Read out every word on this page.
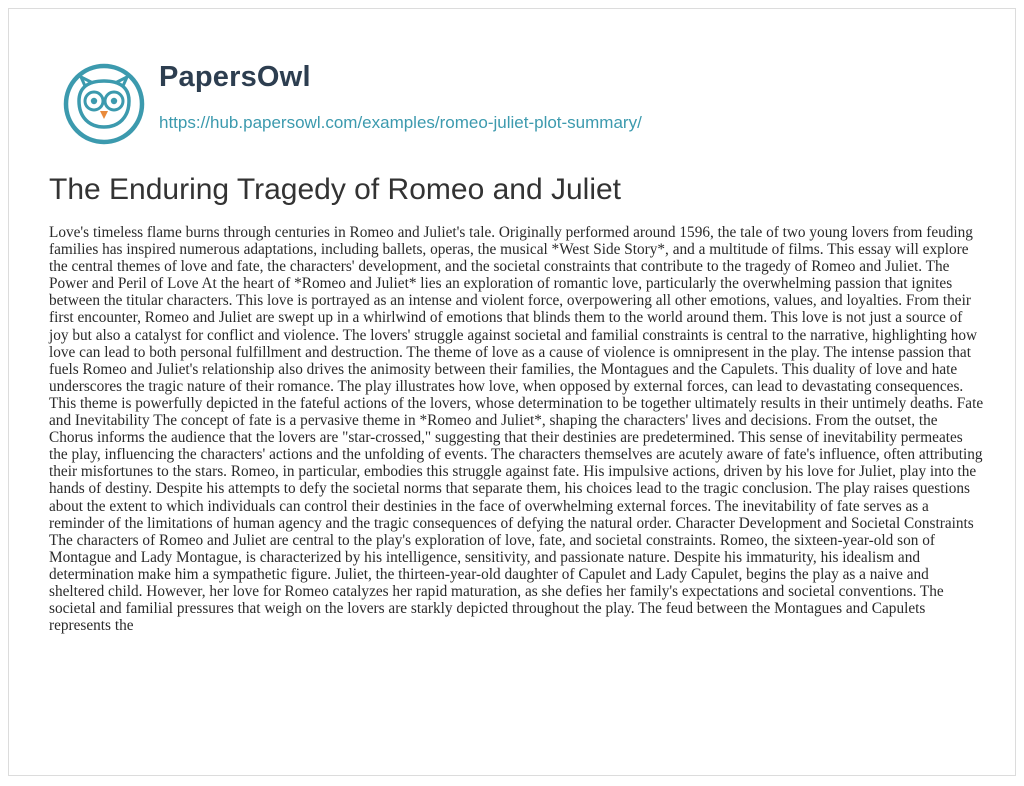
PapersOwl
https://hub.papersowl.com/examples/romeo-juliet-plot-summary/
The Enduring Tragedy of Romeo and Juliet

Love's timeless flame burns through centuries in Romeo and Juliet's tale. Originally performed around 1596, the tale of two young lovers from feuding families has inspired numerous adaptations, including ballets, operas, the musical *West Side Story*, and a multitude of films. This essay will explore the central themes of love and fate, the characters' development, and the societal constraints that contribute to the tragedy of Romeo and Juliet. The Power and Peril of Love At the heart of *Romeo and Juliet* lies an exploration of romantic love, particularly the overwhelming passion that ignites between the titular characters. This love is portrayed as an intense and violent force, overpowering all other emotions, values, and loyalties. From their first encounter, Romeo and Juliet are swept up in a whirlwind of emotions that blinds them to the world around them. This love is not just a source of joy but also a catalyst for conflict and violence. The lovers' struggle against societal and familial constraints is central to the narrative, highlighting how love can lead to both personal fulfillment and destruction. The theme of love as a cause of violence is omnipresent in the play. The intense passion that fuels Romeo and Juliet's relationship also drives the animosity between their families, the Montagues and the Capulets. This duality of love and hate underscores the tragic nature of their romance. The play illustrates how love, when opposed by external forces, can lead to devastating consequences. This theme is powerfully depicted in the fateful actions of the lovers, whose determination to be together ultimately results in their untimely deaths. Fate and Inevitability The concept of fate is a pervasive theme in *Romeo and Juliet*, shaping the characters' lives and decisions. From the outset, the Chorus informs the audience that the lovers are "star-crossed," suggesting that their destinies are predetermined. This sense of inevitability permeates the play, influencing the characters' actions and the unfolding of events. The characters themselves are acutely aware of fate's influence, often attributing their misfortunes to the stars. Romeo, in particular, embodies this struggle against fate. His impulsive actions, driven by his love for Juliet, play into the hands of destiny. Despite his attempts to defy the societal norms that separate them, his choices lead to the tragic conclusion. The play raises questions about the extent to which individuals can control their destinies in the face of overwhelming external forces. The inevitability of fate serves as a reminder of the limitations of human agency and the tragic consequences of defying the natural order. Character Development and Societal Constraints The characters of Romeo and Juliet are central to the play's exploration of love, fate, and societal constraints. Romeo, the sixteen-year-old son of Montague and Lady Montague, is characterized by his intelligence, sensitivity, and passionate nature. Despite his immaturity, his idealism and determination make him a sympathetic figure. Juliet, the thirteen-year-old daughter of Capulet and Lady Capulet, begins the play as a naive and sheltered child. However, her love for Romeo catalyzes her rapid maturation, as she defies her family's expectations and societal conventions. The societal and familial pressures that weigh on the lovers are starkly depicted throughout the play. The feud between the Montagues and Capulets represents the
